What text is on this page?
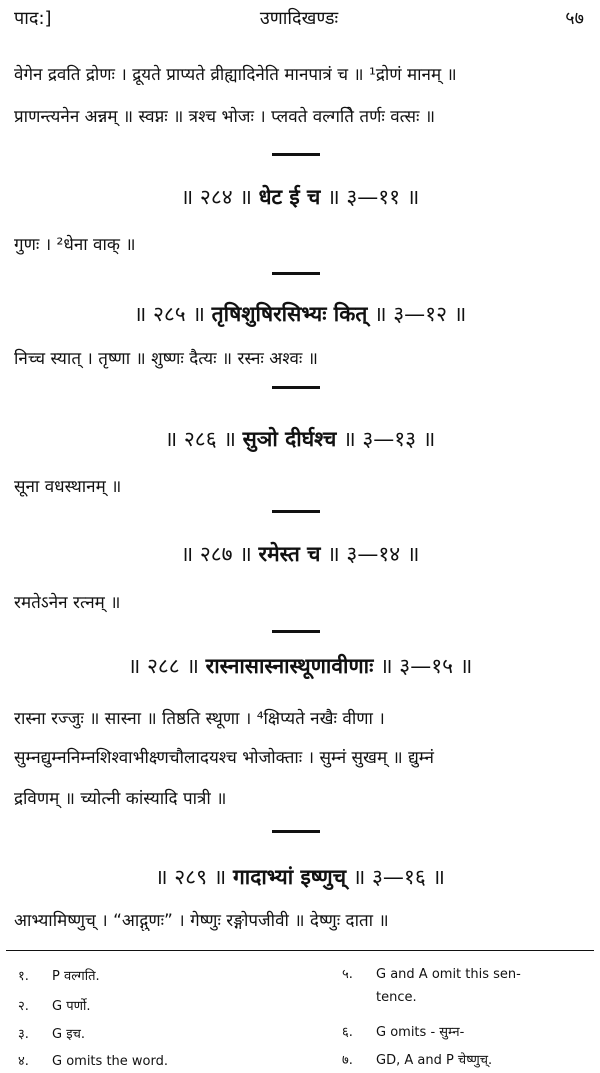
पाद:]	उणादिखण्डः	५७
वेगेन द्रवति द्रोणः । द्रूयते प्राप्यते व्रीह्यादिनेति मानपात्रं च ॥ ¹द्रोणं मानम् ॥
प्राणन्त्यनेन अन्नम् ॥ स्वप्नः ॥ त्रश्च भोजः । प्लवते वल्गतेि तर्णः वत्सः ॥
॥ २८४ ॥ धेट ई च ॥ ३—११ ॥
गुणः । ²धेना वाक् ॥
॥ २८५ ॥ तृषिशुषिरसिभ्यः कित् ॥ ३—१२ ॥
निच्च स्यात् । तृष्णा ॥ शुष्णः दैत्यः ॥ रस्नः अश्वः ॥
॥ २८६ ॥ सुञो दीर्घश्च ॥ ३—१३ ॥
सूना वधस्थानम् ॥
॥ २८७ ॥ रमेस्त च ॥ ३—१४ ॥
रमतेऽनेन रत्नम् ॥
॥ २८८ ॥ रास्नासास्नास्थूणावीणाः ॥ ३—१५ ॥
रास्ना रज्जुः ॥ सास्ना ॥ तिष्ठति स्थूणा । ⁴क्षिप्यते नखैः वीणा ।
सुम्नद्युम्ननिम्नशिश्वाभीक्ष्णचौलादयश्च भोजोक्ताः । सुम्नं सुखम् ॥ द्युम्नं
द्रविणम् ॥ च्योत्नी कांस्यादि पात्री ॥
॥ २८९ ॥ गादाभ्यां इष्णुच् ॥ ३—१६ ॥
आभ्यामिष्णुच् । “आद्गुणः” । गेष्णुः रङ्गोपजीवी ॥ देष्णुः दाता ॥
१. P वल्गति.
२. G पर्णो.
३. G इच.
४. G omits the word.
५. G and A omit this sen-
tence.
६. G omits - सुम्न-
७. GD, A and P चेष्णुच्.
